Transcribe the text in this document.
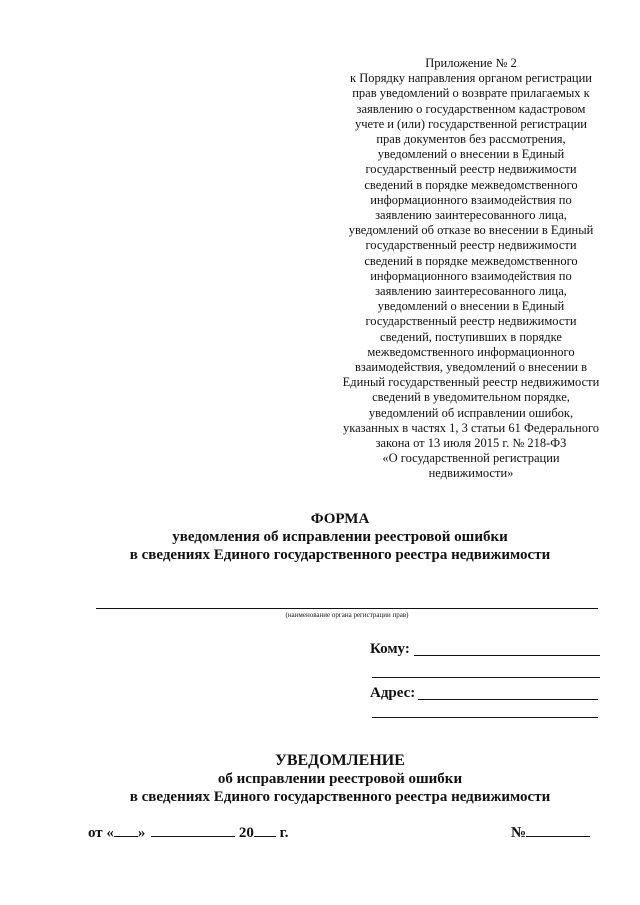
Приложение № 2
к Порядку направления органом регистрации
прав уведомлений о возврате прилагаемых к
заявлению о государственном кадастровом
учете и (или) государственной регистрации
прав документов без рассмотрения,
уведомлений о внесении в Единый
государственный реестр недвижимости
сведений в порядке межведомственного
информационного взаимодействия по
заявлению заинтересованного лица,
уведомлений об отказе во внесении в Единый
государственный реестр недвижимости
сведений в порядке межведомственного
информационного взаимодействия по
заявлению заинтересованного лица,
уведомлений о внесении в Единый
государственный реестр недвижимости
сведений, поступивших в порядке
межведомственного информационного
взаимодействия, уведомлений о внесении в
Единый государственный реестр недвижимости
сведений в уведомительном порядке,
уведомлений об исправлении ошибок,
указанных в частях 1, 3 статьи 61 Федерального
закона от 13 июля 2015 г. № 218-ФЗ
«О государственной регистрации
недвижимости»
ФОРМА
уведомления об исправлении реестровой ошибки
в сведениях Единого государственного реестра недвижимости
(наименование органа регистрации прав)
Кому:
Адрес:
УВЕДОМЛЕНИЕ
об исправлении реестровой ошибки
в сведениях Единого государственного реестра недвижимости
от « »	20 г.	№
